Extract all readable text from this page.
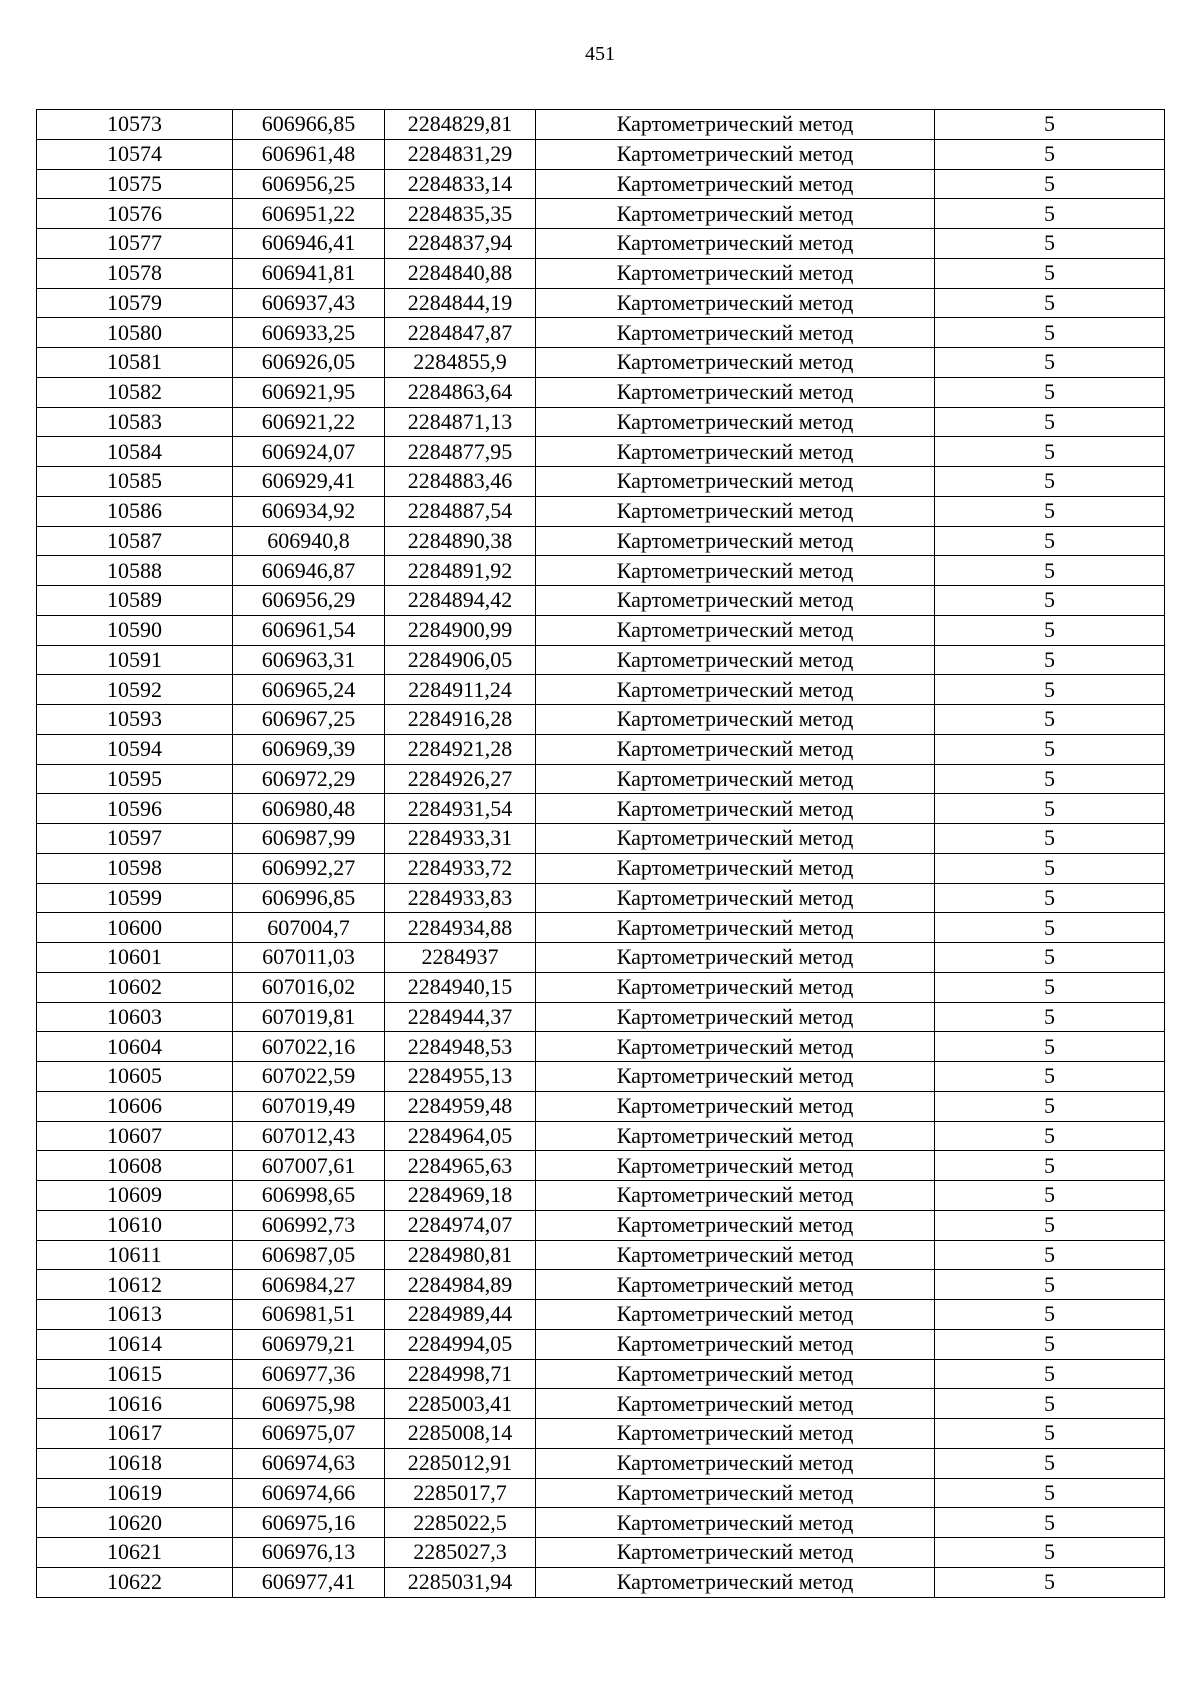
451
10573	606966,85	2284829,81	Картометрический метод	5
10574	606961,48	2284831,29	Картометрический метод	5
10575	606956,25	2284833,14	Картометрический метод	5
10576	606951,22	2284835,35	Картометрический метод	5
10577	606946,41	2284837,94	Картометрический метод	5
10578	606941,81	2284840,88	Картометрический метод	5
10579	606937,43	2284844,19	Картометрический метод	5
10580	606933,25	2284847,87	Картометрический метод	5
10581	606926,05	2284855,9	Картометрический метод	5
10582	606921,95	2284863,64	Картометрический метод	5
10583	606921,22	2284871,13	Картометрический метод	5
10584	606924,07	2284877,95	Картометрический метод	5
10585	606929,41	2284883,46	Картометрический метод	5
10586	606934,92	2284887,54	Картометрический метод	5
10587	606940,8	2284890,38	Картометрический метод	5
10588	606946,87	2284891,92	Картометрический метод	5
10589	606956,29	2284894,42	Картометрический метод	5
10590	606961,54	2284900,99	Картометрический метод	5
10591	606963,31	2284906,05	Картометрический метод	5
10592	606965,24	2284911,24	Картометрический метод	5
10593	606967,25	2284916,28	Картометрический метод	5
10594	606969,39	2284921,28	Картометрический метод	5
10595	606972,29	2284926,27	Картометрический метод	5
10596	606980,48	2284931,54	Картометрический метод	5
10597	606987,99	2284933,31	Картометрический метод	5
10598	606992,27	2284933,72	Картометрический метод	5
10599	606996,85	2284933,83	Картометрический метод	5
10600	607004,7	2284934,88	Картометрический метод	5
10601	607011,03	2284937	Картометрический метод	5
10602	607016,02	2284940,15	Картометрический метод	5
10603	607019,81	2284944,37	Картометрический метод	5
10604	607022,16	2284948,53	Картометрический метод	5
10605	607022,59	2284955,13	Картометрический метод	5
10606	607019,49	2284959,48	Картометрический метод	5
10607	607012,43	2284964,05	Картометрический метод	5
10608	607007,61	2284965,63	Картометрический метод	5
10609	606998,65	2284969,18	Картометрический метод	5
10610	606992,73	2284974,07	Картометрический метод	5
10611	606987,05	2284980,81	Картометрический метод	5
10612	606984,27	2284984,89	Картометрический метод	5
10613	606981,51	2284989,44	Картометрический метод	5
10614	606979,21	2284994,05	Картометрический метод	5
10615	606977,36	2284998,71	Картометрический метод	5
10616	606975,98	2285003,41	Картометрический метод	5
10617	606975,07	2285008,14	Картометрический метод	5
10618	606974,63	2285012,91	Картометрический метод	5
10619	606974,66	2285017,7	Картометрический метод	5
10620	606975,16	2285022,5	Картометрический метод	5
10621	606976,13	2285027,3	Картометрический метод	5
10622	606977,41	2285031,94	Картометрический метод	5
